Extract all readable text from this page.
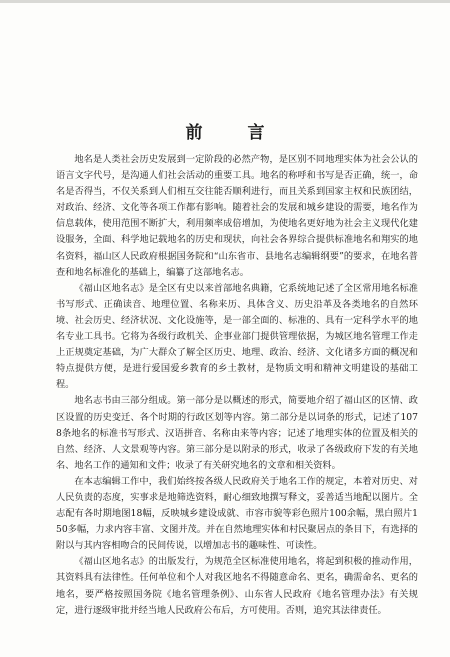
前　言

地名是人类社会历史发展到一定阶段的必然产物，是区别不同地理实体为社会公认的语言文字代号，是沟通人们社会活动的重要工具。地名的称呼和书写是否正确，统一，命名是否得当，不仅关系到人们相互交往能否顺利进行，而且关系到国家主权和民族团结，对政治、经济、文化等各项工作都有影响。随着社会的发展和城乡建设的需要，地名作为信息载体，使用范围不断扩大，利用频率成倍增加，为使地名更好地为社会主义现代化建设服务，全面、科学地记载地名的历史和现状，向社会各界综合提供标准地名和翔实的地名资料，福山区人民政府根据国务院和“山东省市、县地名志编辑纲要”的要求，在地名普查和地名标准化的基础上，编纂了这部地名志。

《福山区地名志》是全区有史以来首部地名典籍，它系统地记述了全区常用地名标准书写形式、正确读音、地理位置、名称来历、具体含义、历史沿革及各类地名的自然环境、社会历史、经济状况、文化设施等，是一部全面的、标准的、具有一定科学水平的地名专业工具书。它将为各级行政机关、企事业部门提供管理依据，为城区地名管理工作走上正规奠定基础，为广大群众了解全区历史、地理、政治、经济、文化诸多方面的概况和特点提供方便，是进行爱国爱乡教育的乡土教材，是物质文明和精神文明建设的基础工程。

地名志书由三部分组成。第一部分是以概述的形式，简要地介绍了福山区的区情、政区设置的历史变迁、各个时期的行政区划等内容。第二部分是以词条的形式，记述了1078条地名的标准书写形式、汉语拼音、名称由来等内容；记述了地理实体的位置及相关的自然、经济、人文景观等内容。第三部分是以附录的形式，收录了各级政府下发的有关地名、地名工作的通知和文件；收录了有关研究地名的文章和相关资料。

在本志编辑工作中，我们始终按各级人民政府关于地名工作的规定，本着对历史、对人民负责的态度，实事求是地筛选资料，耐心细致地撰写释文，妥善适当地配以图片。全志配有各时期地图18幅，反映城乡建设成就、市容市貌等彩色照片100余幅，黑白照片150多幅，力求内容丰富、文图并茂。并在自然地理实体和村民聚居点的条目下，有选择的附以与其内容相吻合的民间传说，以增加志书的趣味性、可读性。

《福山区地名志》的出版发行，为规范全区标准使用地名，将起到积极的推动作用，其资料具有法律性。任何单位和个人对我区地名不得随意命名、更名，确需命名、更名的地名，要严格按照国务院《地名管理条例》、山东省人民政府《地名管理办法》有关规定，进行逐级审批并经当地人民政府公布后，方可使用。否则，追究其法律责任。
